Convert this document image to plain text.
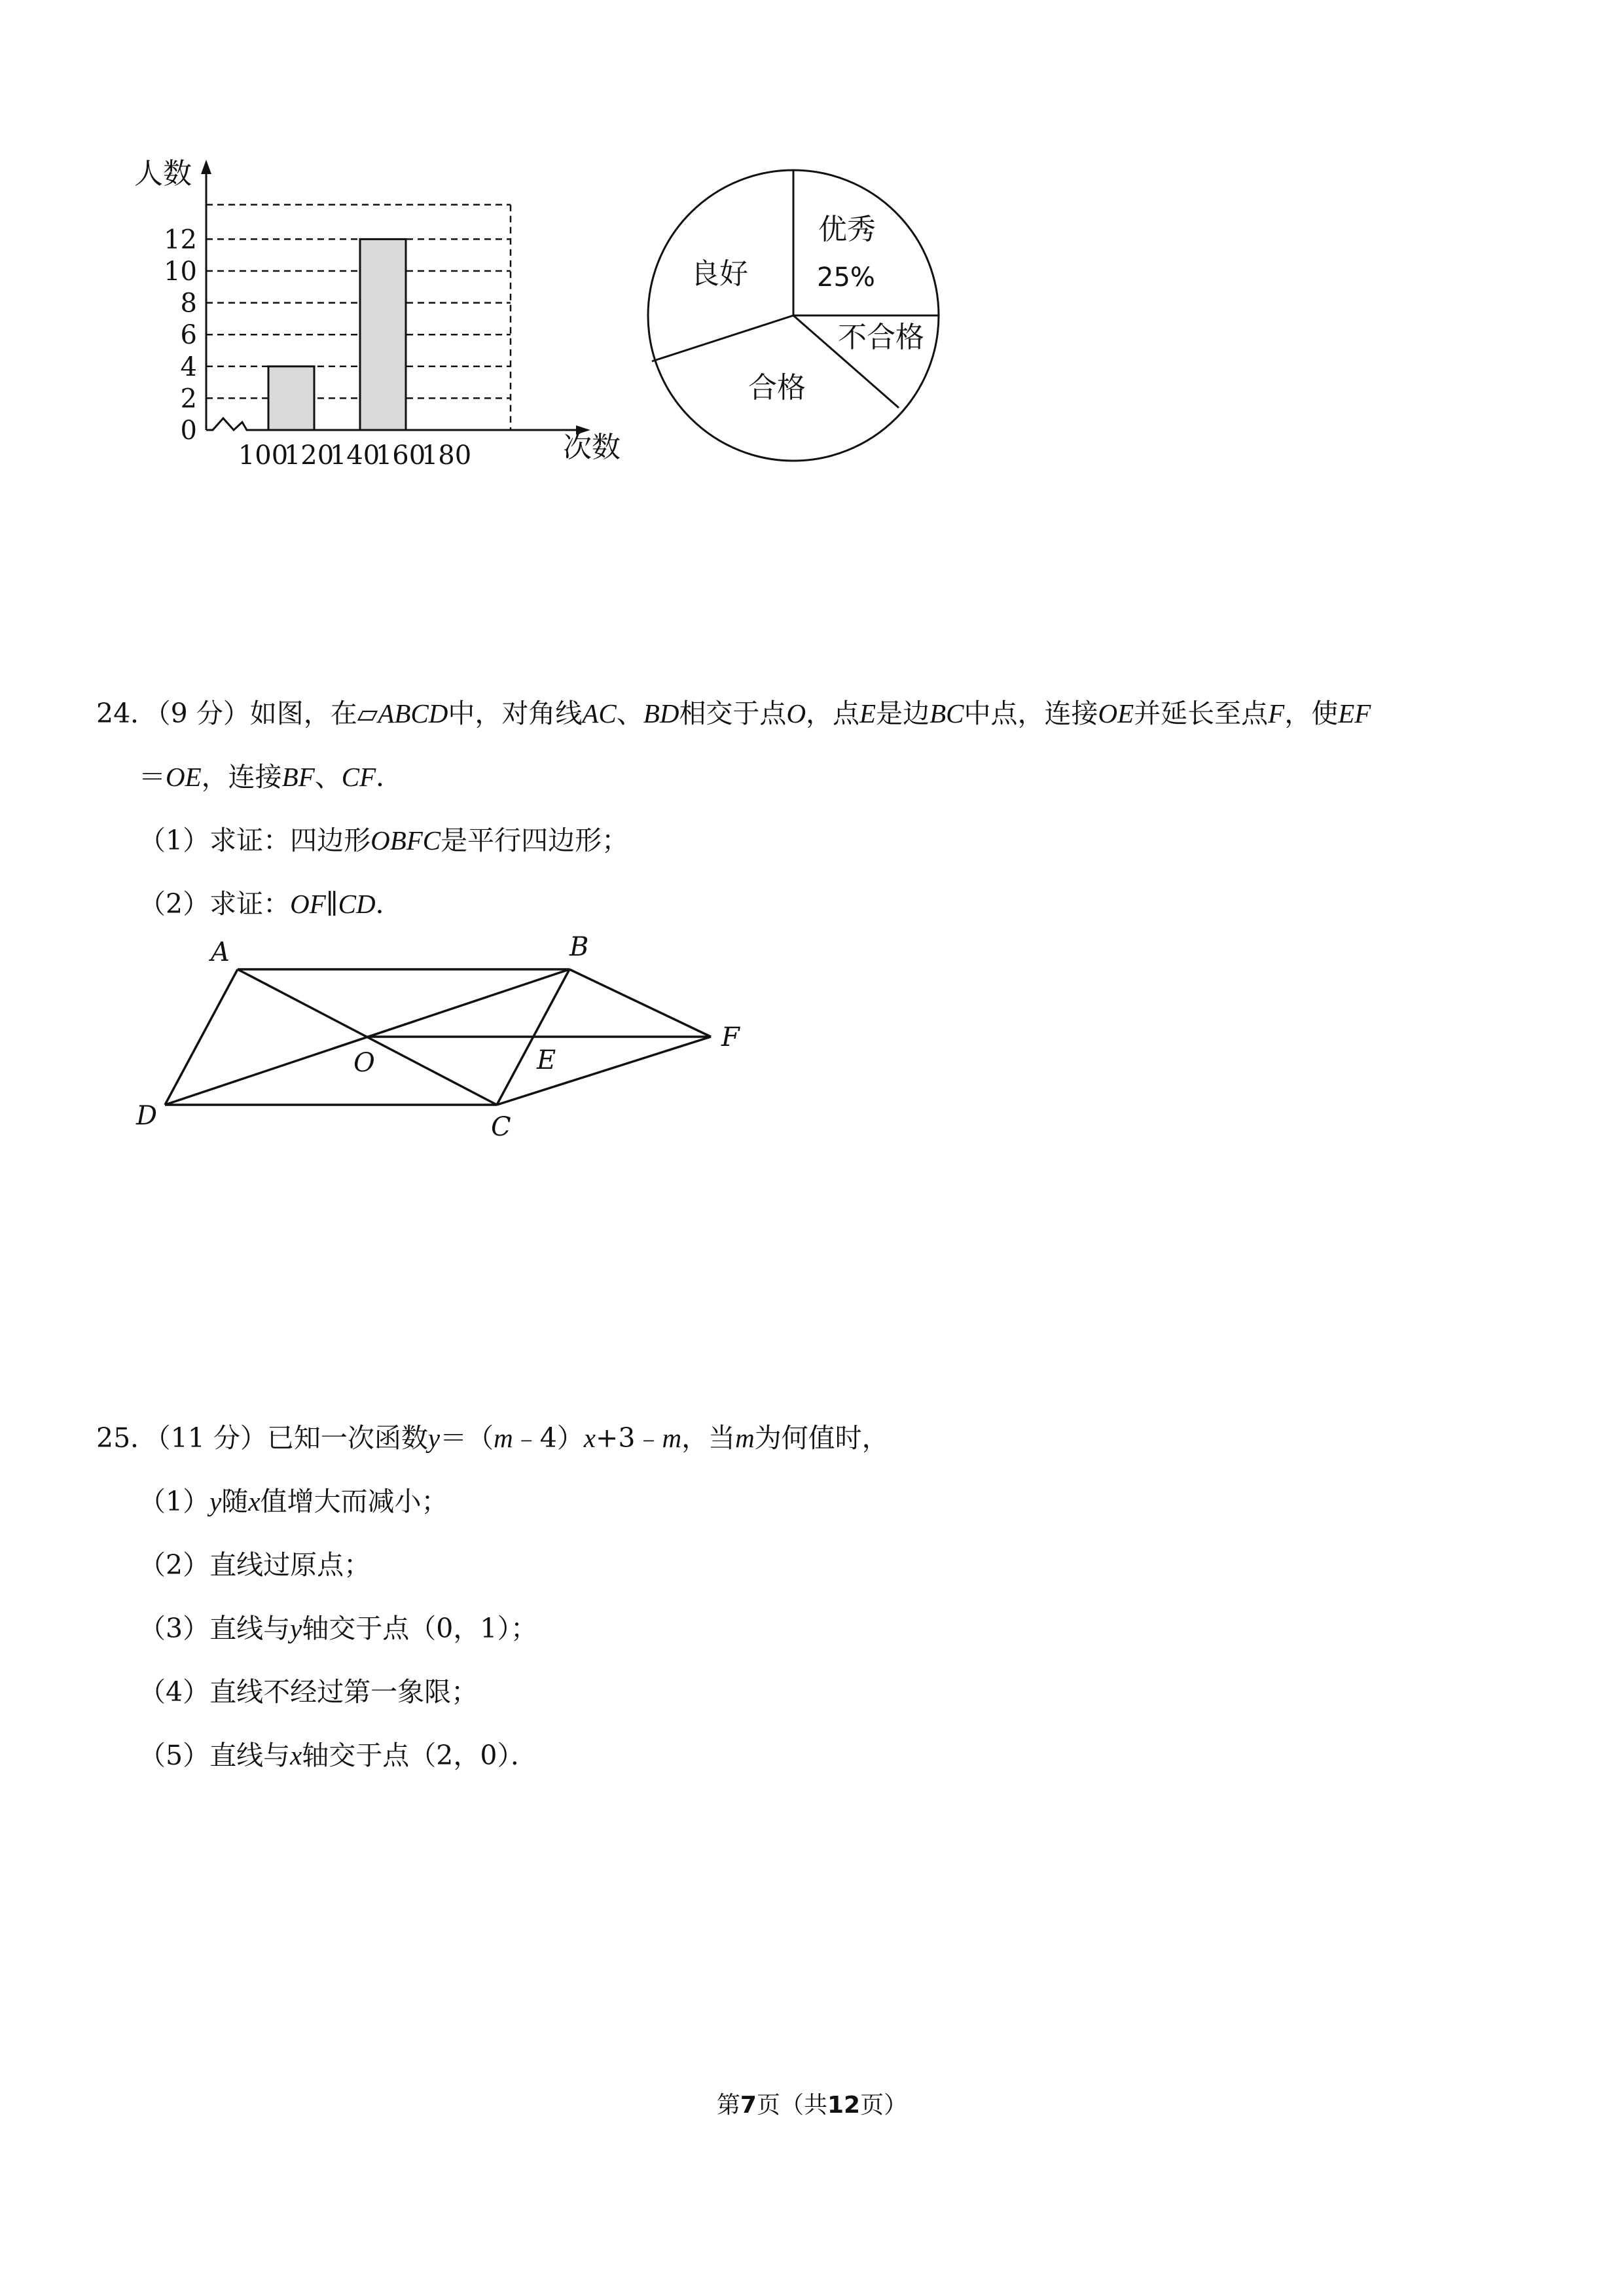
0
2
4
6
8
10
12
100
120
140
160
180
人数
次数
优秀
25%
良好
不合格
合格
24．（9 分）如图，在▱ABCD中，对角线AC、BD相交于点O，点E是边BC中点，连接OE并延长至点F，使EF
＝OE，连接BF、CF．
（1）求证：四边形OBFC是平行四边形；
（2）求证：OF∥CD．
A	B
C
D
O	E
F
25．（11 分）已知一次函数y＝（m﹣4）x+3﹣m，当m为何值时，
（1）y随x值增大而减小；
（2）直线过原点；
（3）直线与y轴交于点（0，1）；
（4）直线不经过第一象限；
（5）直线与x轴交于点（2，0）．
第7页（共12页）
